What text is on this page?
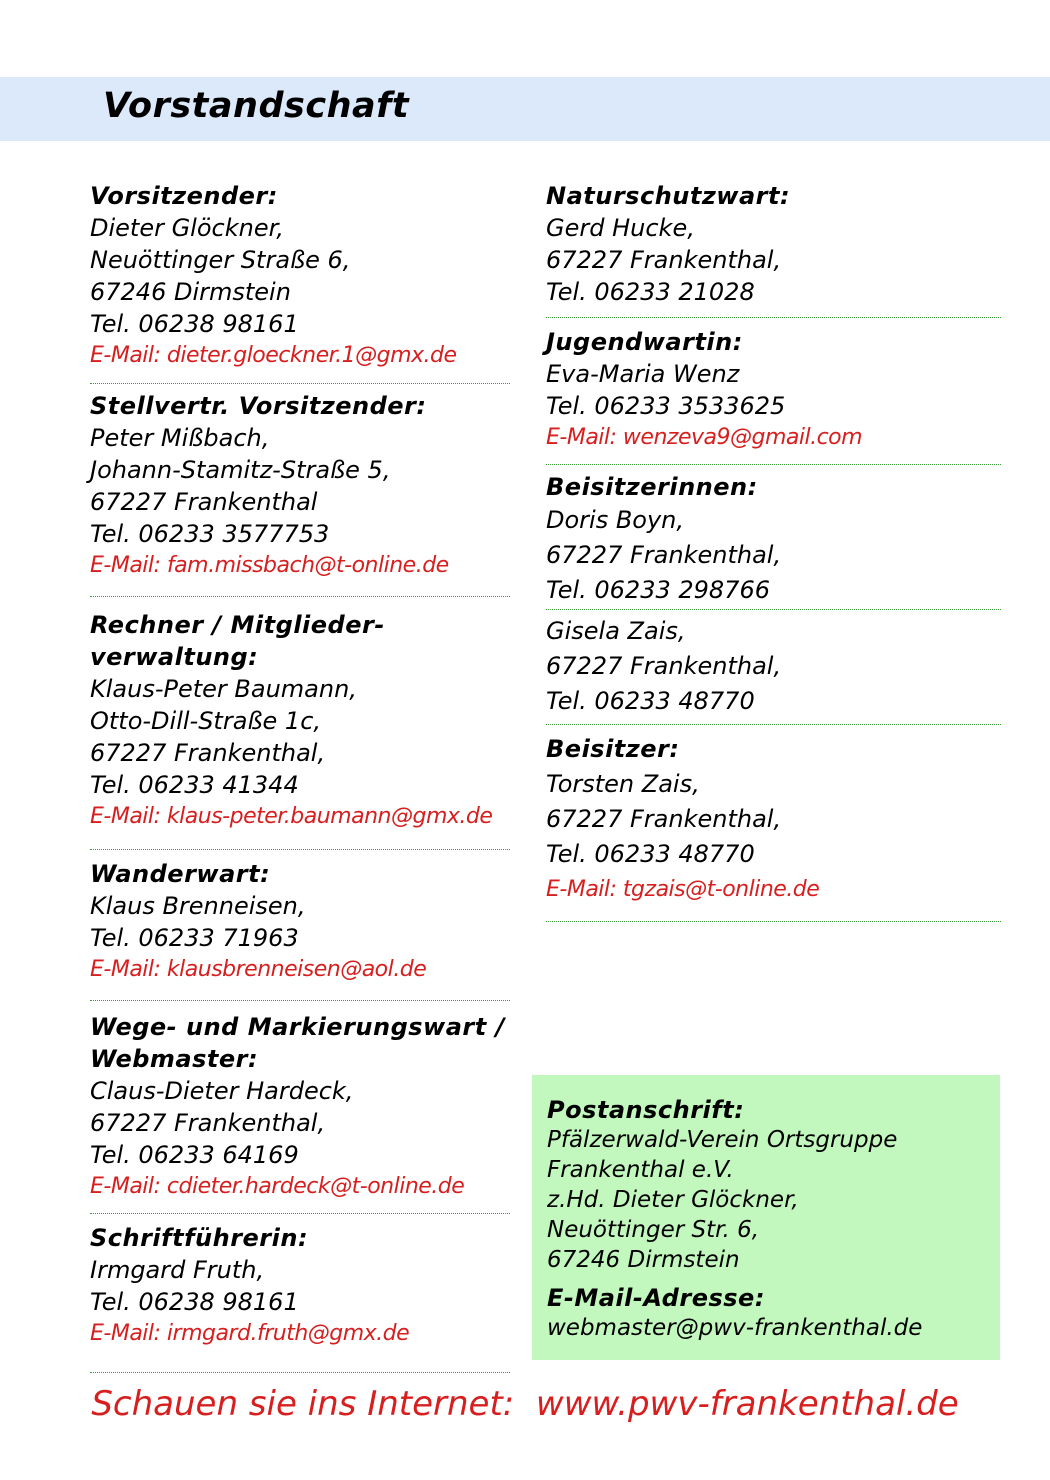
Vorstandschaft
Vorsitzender:
Dieter Glöckner,
Neuöttinger Straße 6,
67246 Dirmstein
Tel. 06238 98161
E-Mail: dieter.gloeckner.1@gmx.de
Stellvertr. Vorsitzender:
Peter Mißbach,
Johann-Stamitz-Straße 5,
67227 Frankenthal
Tel. 06233 3577753
E-Mail: fam.missbach@t-online.de
Rechner / Mitglieder-
verwaltung:
Klaus-Peter Baumann,
Otto-Dill-Straße 1c,
67227 Frankenthal,
Tel. 06233 41344
E-Mail: klaus-peter.baumann@gmx.de
Wanderwart:
Klaus Brenneisen,
Tel. 06233 71963
E-Mail: klausbrenneisen@aol.de
Wege- und Markierungswart /
Webmaster:
Claus-Dieter Hardeck,
67227 Frankenthal,
Tel. 06233 64169
E-Mail: cdieter.hardeck@t-online.de
Schriftführerin:
Irmgard Fruth,
Tel. 06238 98161
E-Mail: irmgard.fruth@gmx.de
Naturschutzwart:
Gerd Hucke,
67227 Frankenthal,
Tel. 06233 21028
Jugendwartin:
Eva-Maria Wenz
Tel. 06233 3533625
E-Mail: wenzeva9@gmail.com
Beisitzerinnen:
Doris Boyn,
67227 Frankenthal,
Tel. 06233 298766
Gisela Zais,
67227 Frankenthal,
Tel. 06233 48770
Beisitzer:
Torsten Zais,
67227 Frankenthal,
Tel. 06233 48770
E-Mail: tgzais@t-online.de
Postanschrift:
Pfälzerwald-Verein Ortsgruppe
Frankenthal e.V.
z.Hd. Dieter Glöckner,
Neuöttinger Str. 6,
67246 Dirmstein
E-Mail-Adresse:
webmaster@pwv-frankenthal.de
Schauen sie ins Internet: www.pwv-frankenthal.de
